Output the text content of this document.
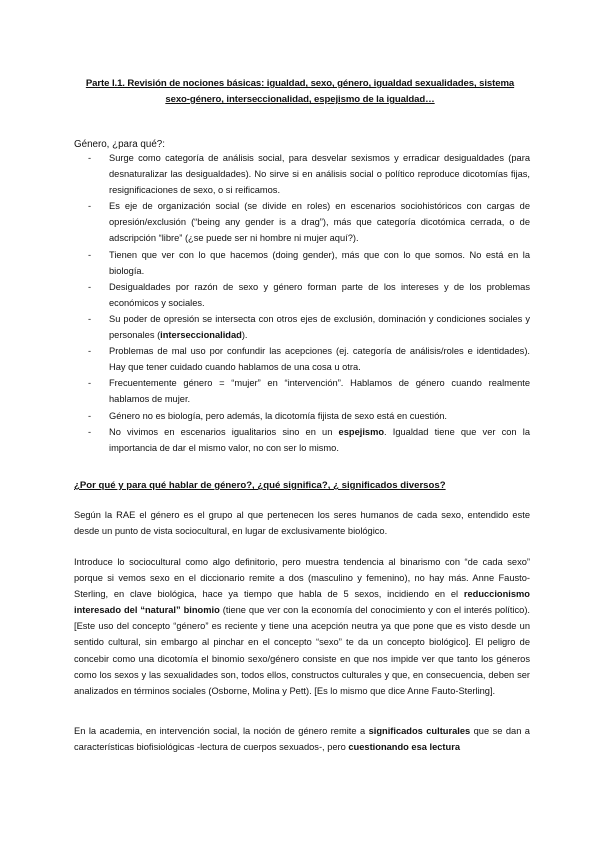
Parte I.1. Revisión de nociones básicas: igualdad, sexo, género, igualdad sexualidades, sistema
sexo-género, interseccionalidad, espejismo de la igualdad…
Género, ¿para qué?:
- Surge como categoría de análisis social, para desvelar sexismos y erradicar desigualdades (para desnaturalizar las desigualdades). No sirve si en análisis social o político reproduce dicotomías fijas, resignificaciones de sexo, o si reificamos.
- Es eje de organización social (se divide en roles) en escenarios sociohistóricos con cargas de opresión/exclusión (“being any gender is a drag”), más que categoría dicotómica cerrada, o de adscripción “libre” (¿se puede ser ni hombre ni mujer aquí?).
- Tienen que ver con lo que hacemos (doing gender), más que con lo que somos. No está en la biología.
- Desigualdades por razón de sexo y género forman parte de los intereses y de los problemas económicos y sociales.
- Su poder de opresión se intersecta con otros ejes de exclusión, dominación y condiciones sociales y personales (interseccionalidad).
- Problemas de mal uso por confundir las acepciones (ej. categoría de análisis/roles e identidades). Hay que tener cuidado cuando hablamos de una cosa u otra.
- Frecuentemente género = “mujer” en “intervención”. Hablamos de género cuando realmente hablamos de mujer.
- Género no es biología, pero además, la dicotomía fijista de sexo está en cuestión.
- No vivimos en escenarios igualitarios sino en un espejismo. Igualdad tiene que ver con la importancia de dar el mismo valor, no con ser lo mismo.
¿Por qué y para qué hablar de género?, ¿qué significa?, ¿ significados diversos?

Según la RAE el género es el grupo al que pertenecen los seres humanos de cada sexo, entendido este desde un punto de vista sociocultural, en lugar de exclusivamente biológico.

Introduce lo sociocultural como algo definitorio, pero muestra tendencia al binarismo con “de cada sexo” porque si vemos sexo en el diccionario remite a dos (masculino y femenino), no hay más. Anne Fausto-Sterling, en clave biológica, hace ya tiempo que habla de 5 sexos, incidiendo en el reduccionismo interesado del “natural” binomio (tiene que ver con la economía del conocimiento y con el interés político). [Este uso del concepto “género” es reciente y tiene una acepción neutra ya que pone que es visto desde un sentido cultural, sin embargo al pinchar en el concepto “sexo” te da un concepto biológico]. El peligro de concebir como una dicotomía el binomio sexo/género consiste en que nos impide ver que tanto los géneros como los sexos y las sexualidades son, todos ellos, constructos culturales y que, en consecuencia, deben ser analizados en términos sociales (Osborne, Molina y Pett). [Es lo mismo que dice Anne Fauto-Sterling].

En la academia, en intervención social, la noción de género remite a significados culturales que se dan a características biofisiológicas -lectura de cuerpos sexuados-, pero cuestionando esa lectura
